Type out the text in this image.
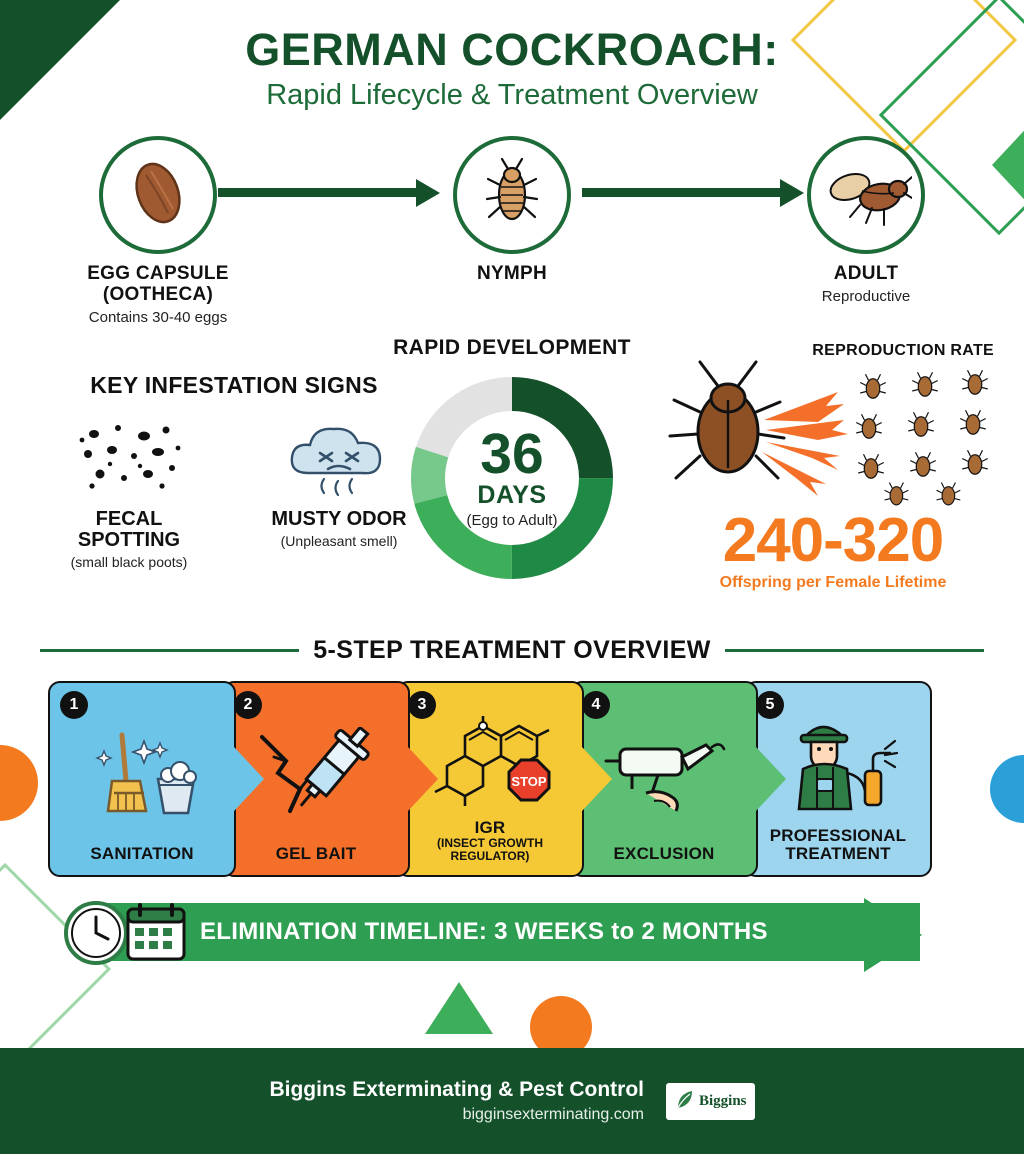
GERMAN COCKROACH:
Rapid Lifecycle & Treatment Overview
EGG CAPSULE
(OOTHECA)
Contains 30-40 eggs
NYMPH	ADULT
Reproductive
KEY INFESTATION SIGNS
FECAL
SPOTTING
(small black poots)
MUSTY ODOR
(Unpleasant smell)
RAPID DEVELOPMENT
36
DAYS
(Egg to Adult)
REPRODUCTION RATE
240-320
Offspring per Female Lifetime
5-STEP TREATMENT OVERVIEW
1
SANITATION
2
GEL BAIT
3
STOP
IGR
(INSECT GROWTH
REGULATOR)
4
EXCLUSION
5
PROFESSIONAL
TREATMENT
ELIMINATION TIMELINE: 3 WEEKS to 2 MONTHS
Biggins Exterminating & Pest Control
bigginsexterminating.com
Biggins
